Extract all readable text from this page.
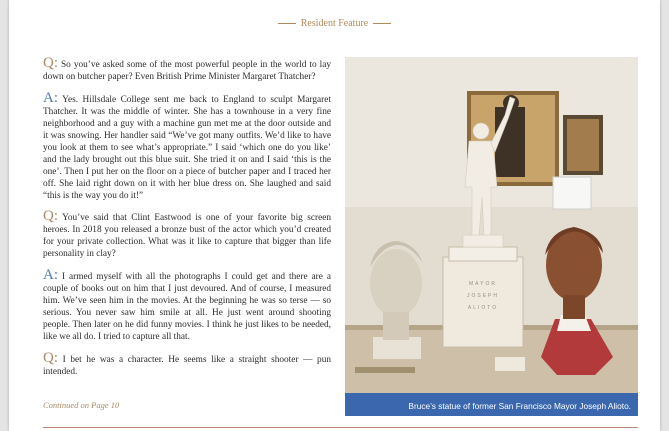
Resident Feature

Q: So you’ve asked some of the most powerful people in the world to lay down on butcher paper? Even British Prime Minister Margaret Thatcher?

A: Yes. Hillsdale College sent me back to England to sculpt Margaret Thatcher. It was the middle of winter. She has a townhouse in a very fine neighborhood and a guy with a machine gun met me at the door outside and it was snowing. Her handler said “We’ve got many outfits. We’d like to have you look at them to see what’s appropriate.” I said ‘which one do you like’ and the lady brought out this blue suit. She tried it on and I said ‘this is the one’. Then I put her on the floor on a piece of butcher paper and I traced her off. She laid right down on it with her blue dress on. She laughed and said “this is the way you do it!”

Q: You’ve said that Clint Eastwood is one of your favorite big screen heroes. In 2018 you released a bronze bust of the actor which you’d created for your private collection. What was it like to capture that bigger than life personality in clay?

A: I armed myself with all the photographs I could get and there are a couple of books out on him that I just devoured. And of course, I measured him. We’ve seen him in the movies. At the beginning he was so terse — so serious. You never saw him smile at all. He just went around shooting people. Then later on he did funny movies. I think he just likes to be needed, like we all do. I tried to capture all that.

Q: I bet he was a character. He seems like a straight shooter — pun intended.

Continued on Page 10
MAYOR
JOSEPH
ALIOTO
Bruce’s statue of former San Francisco Mayor Joseph Alioto.
